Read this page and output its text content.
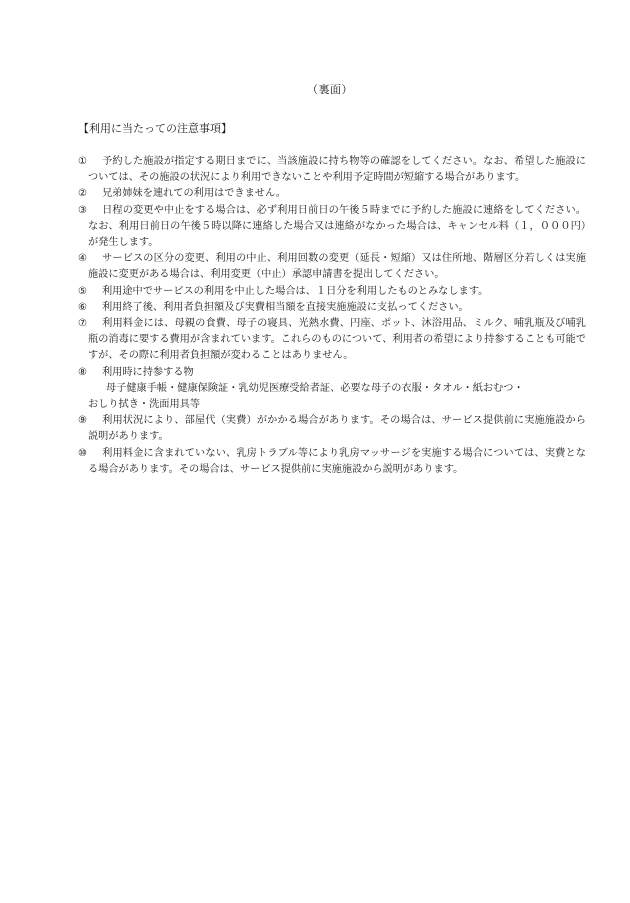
（裏面）
【利用に当たっての注意事項】
① 予約した施設が指定する期日までに、当該施設に持ち物等の確認をしてください。なお、希望した施設については、その施設の状況により利用できないことや利用予定時間が短縮する場合があります。
② 兄弟姉妹を連れての利用はできません。
③ 日程の変更や中止をする場合は、必ず利用日前日の午後５時までに予約した施設に連絡をしてください。なお、利用日前日の午後５時以降に連絡した場合又は連絡がなかった場合は、キャンセル料（１，０００円）が発生します。
④ サービスの区分の変更、利用の中止、利用回数の変更（延長・短縮）又は住所地、階層区分若しくは実施施設に変更がある場合は、利用変更（中止）承認申請書を提出してください。
⑤ 利用途中でサービスの利用を中止した場合は、１日分を利用したものとみなします。
⑥ 利用終了後、利用者負担額及び実費相当額を直接実施施設に支払ってください。
⑦ 利用料金には、母親の食費、母子の寝具、光熱水費、円座、ポット、沐浴用品、ミルク、哺乳瓶及び哺乳瓶の消毒に要する費用が含まれています。これらのものについて、利用者の希望により持参することも可能ですが、その際に利用者負担額が変わることはありません。
⑧ 利用時に持参する物
母子健康手帳・健康保険証・乳幼児医療受給者証、必要な母子の衣服・タオル・紙おむつ・
おしり拭き・洗面用具等
⑨ 利用状況により、部屋代（実費）がかかる場合があります。その場合は、サービス提供前に実施施設から説明があります。
⑩ 利用料金に含まれていない、乳房トラブル等により乳房マッサージを実施する場合については、実費となる場合があります。その場合は、サービス提供前に実施施設から説明があります。
